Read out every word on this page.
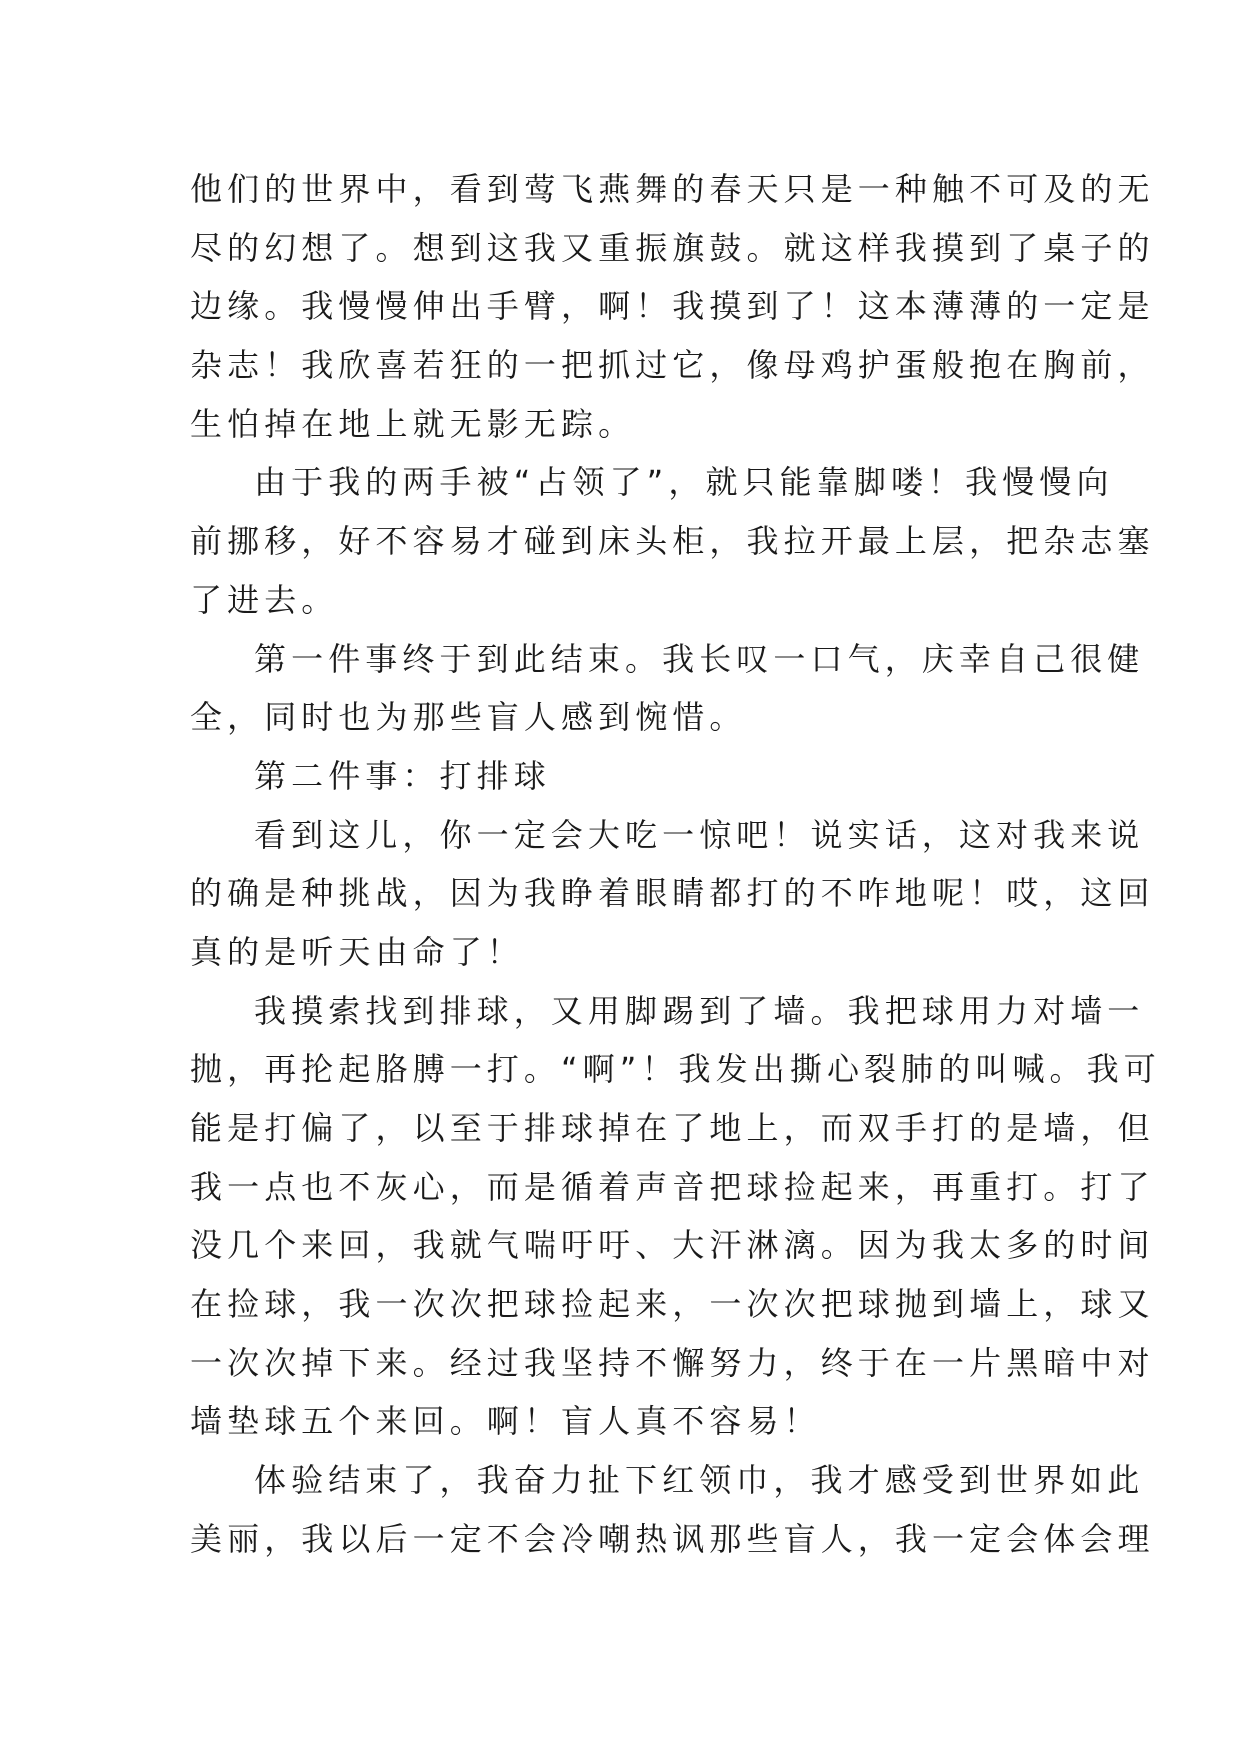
他们的世界中，看到莺飞燕舞的春天只是一种触不可及的无
尽的幻想了。想到这我又重振旗鼓。就这样我摸到了桌子的
边缘。我慢慢伸出手臂，啊！我摸到了！这本薄薄的一定是
杂志！我欣喜若狂的一把抓过它，像母鸡护蛋般抱在胸前，
生怕掉在地上就无影无踪。
由于我的两手被“占领了”，就只能靠脚喽！我慢慢向
前挪移，好不容易才碰到床头柜，我拉开最上层，把杂志塞
了进去。
第一件事终于到此结束。我长叹一口气，庆幸自己很健
全，同时也为那些盲人感到惋惜。
第二件事：打排球
看到这儿，你一定会大吃一惊吧！说实话，这对我来说
的确是种挑战，因为我睁着眼睛都打的不咋地呢！哎，这回
真的是听天由命了！
我摸索找到排球，又用脚踢到了墙。我把球用力对墙一
抛，再抡起胳膊一打。“啊”！我发出撕心裂肺的叫喊。我可
能是打偏了，以至于排球掉在了地上，而双手打的是墙，但
我一点也不灰心，而是循着声音把球捡起来，再重打。打了
没几个来回，我就气喘吁吁、大汗淋漓。因为我太多的时间
在捡球，我一次次把球捡起来，一次次把球抛到墙上，球又
一次次掉下来。经过我坚持不懈努力，终于在一片黑暗中对
墙垫球五个来回。啊！盲人真不容易！
体验结束了，我奋力扯下红领巾，我才感受到世界如此
美丽，我以后一定不会冷嘲热讽那些盲人，我一定会体会理
